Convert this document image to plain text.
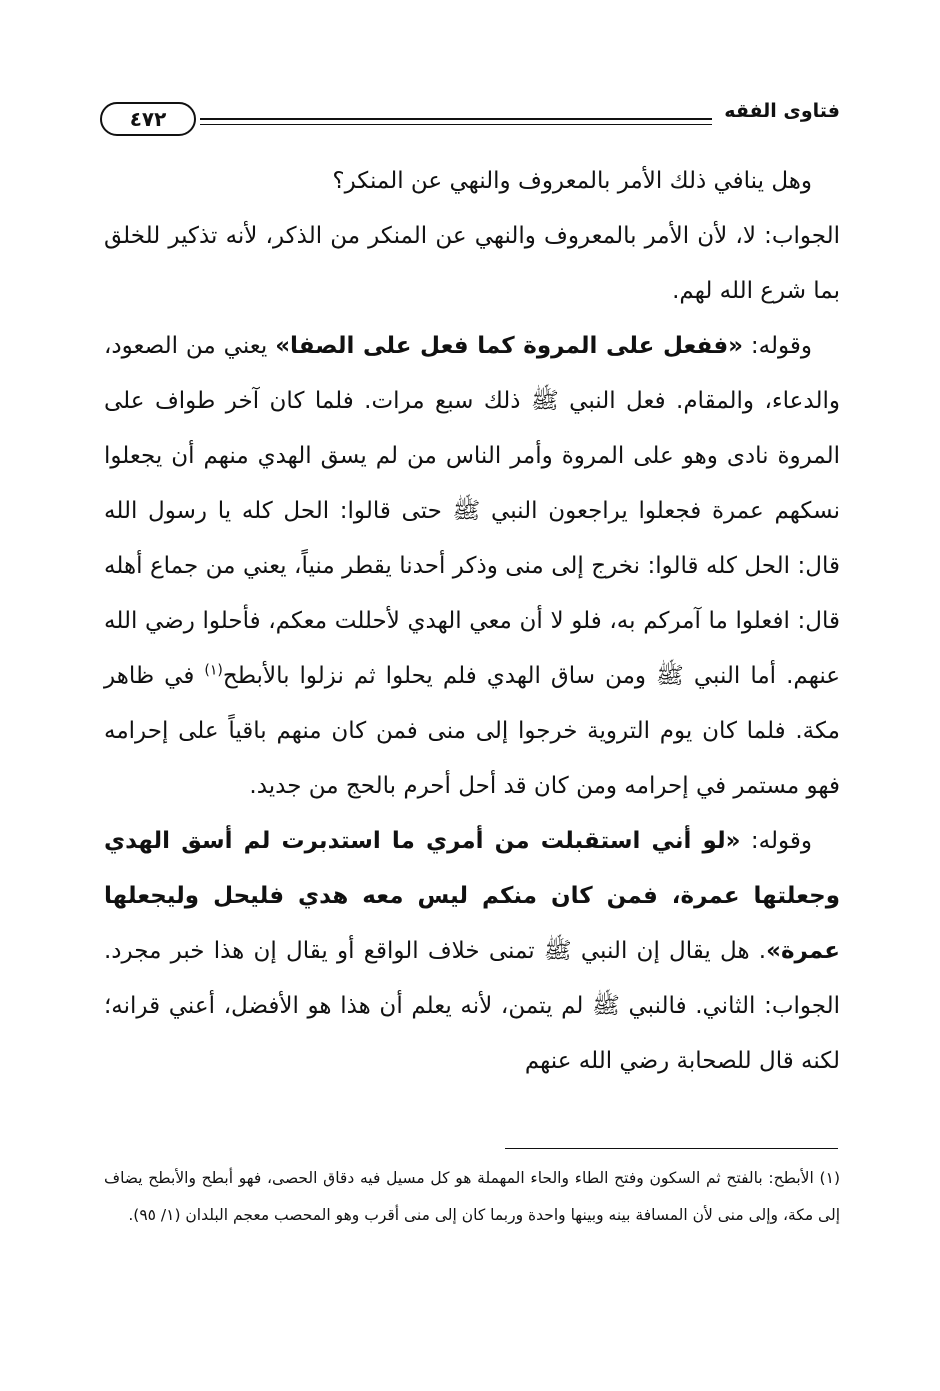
فتاوى الفقه
٤٧٢

وهل ينافي ذلك الأمر بالمعروف والنهي عن المنكر؟

الجواب: لا، لأن الأمر بالمعروف والنهي عن المنكر من الذكر، لأنه تذكير للخلق بما شرع الله لهم.

وقوله: «ففعل على المروة كما فعل على الصفا» يعني من الصعود، والدعاء، والمقام. فعل النبي ﷺ ذلك سبع مرات. فلما كان آخر طواف على المروة نادى وهو على المروة وأمر الناس من لم يسق الهدي منهم أن يجعلوا نسكهم عمرة فجعلوا يراجعون النبي ﷺ حتى قالوا: الحل كله يا رسول الله قال: الحل كله قالوا: نخرج إلى منى وذكر أحدنا يقطر منياً، يعني من جماع أهله قال: افعلوا ما آمركم به، فلو لا أن معي الهدي لأحللت معكم، فأحلوا رضي الله عنهم. أما النبي ﷺ ومن ساق الهدي فلم يحلوا ثم نزلوا بالأبطح$^{(١)}$ في ظاهر مكة. فلما كان يوم التروية خرجوا إلى منى فمن كان منهم باقياً على إحرامه فهو مستمر في إحرامه ومن كان قد أحل أحرم بالحج من جديد.

وقوله: «لو أني استقبلت من أمري ما استدبرت لم أسق الهدي وجعلتها عمرة، فمن كان منكم ليس معه هدي فليحل وليجعلها عمرة». هل يقال إن النبي ﷺ تمنى خلاف الواقع أو يقال إن هذا خبر مجرد. الجواب: الثاني. فالنبي ﷺ لم يتمن، لأنه يعلم أن هذا هو الأفضل، أعني قرانه؛ لكنه قال للصحابة رضي الله عنهم

(١) الأبطح: بالفتح ثم السكون وفتح الطاء والحاء المهملة هو كل مسيل فيه دقاق الحصى، فهو أبطح والأبطح يضاف إلى مكة، وإلى منى لأن المسافة بينه وبينها واحدة وربما كان إلى منى أقرب وهو المحصب معجم البلدان (١/ ٩٥).
